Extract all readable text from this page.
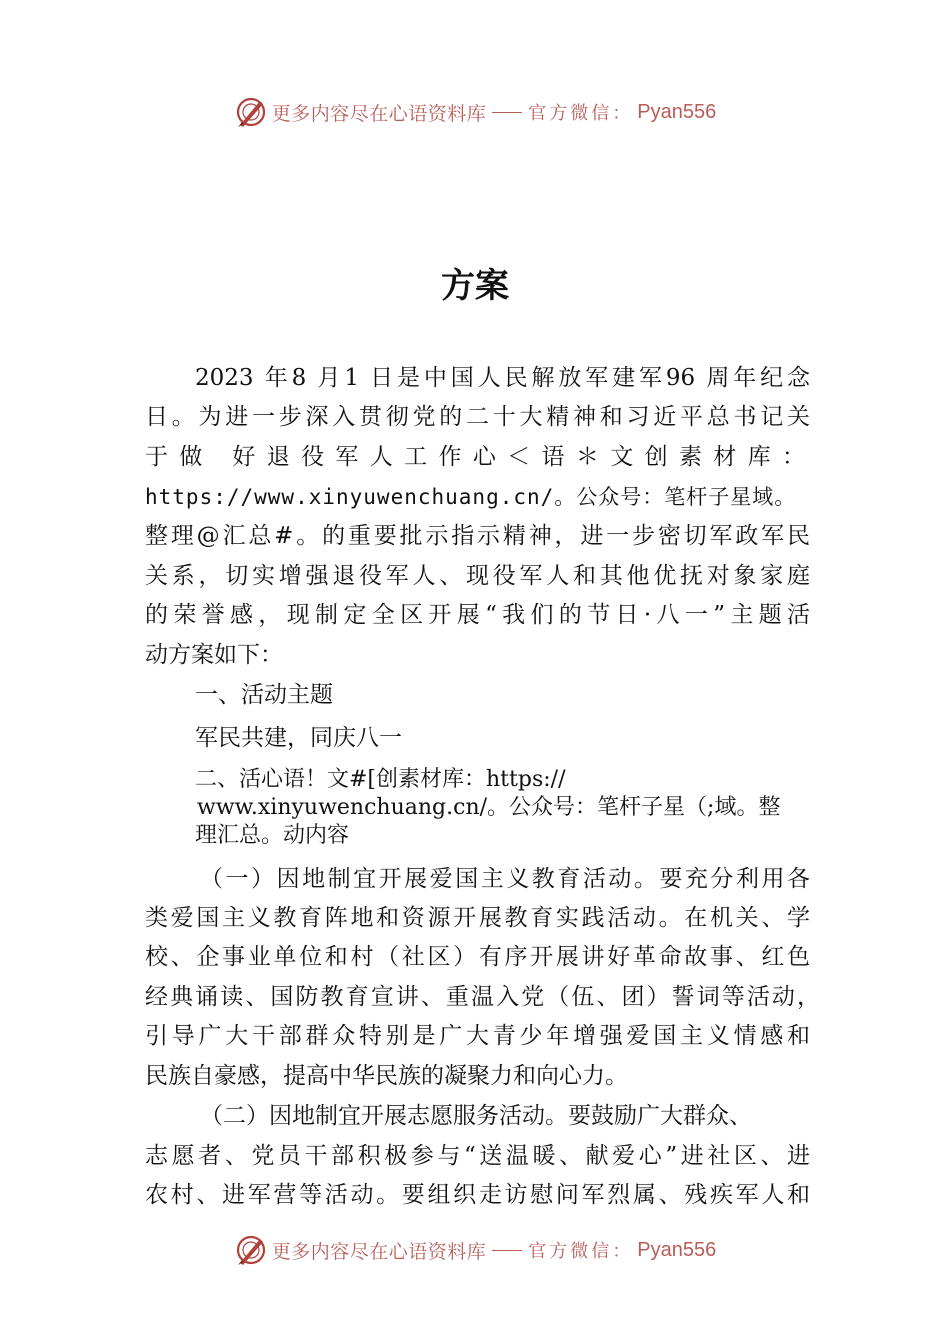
更多内容尽在心语资料库 官方微信： Pyan556
方案

2023 年8 月1 日是中国人民解放军建军96 周年纪念

日。为进一步深入贯彻党的二十大精神和习近平总书记关

于做 好退役军人工作心＜语＊文创素材库：

https://www.xinyuwenchuang.cn/。公众号：笔杆子星域。

整理@汇总#。的重要批示指示精神，进一步密切军政军民

关系，切实增强退役军人、现役军人和其他优抚对象家庭

的荣誉感，现制定全区开展“我们的节日·八一”主题活

动方案如下：

一、活动主题

军民共建，同庆八一

二、活心语！文#[创素材库：https://

www.xinyuwenchuang.cn/。公众号：笔杆子星（;域。整

理汇总。动内容

（一）因地制宜开展爱国主义教育活动。要充分利用各

类爱国主义教育阵地和资源开展教育实践活动。在机关、学

校、企事业单位和村（社区）有序开展讲好革命故事、红色

经典诵读、国防教育宣讲、重温入党（伍、团）誓词等活动，

引导广大干部群众特别是广大青少年增强爱国主义情感和

民族自豪感，提高中华民族的凝聚力和向心力。

（二）因地制宜开展志愿服务活动。要鼓励广大群众、

志愿者、党员干部积极参与“送温暖、献爱心”进社区、进

农村、进军营等活动。要组织走访慰问军烈属、残疾军人和

更多内容尽在心语资料库 官方微信： Pyan556
